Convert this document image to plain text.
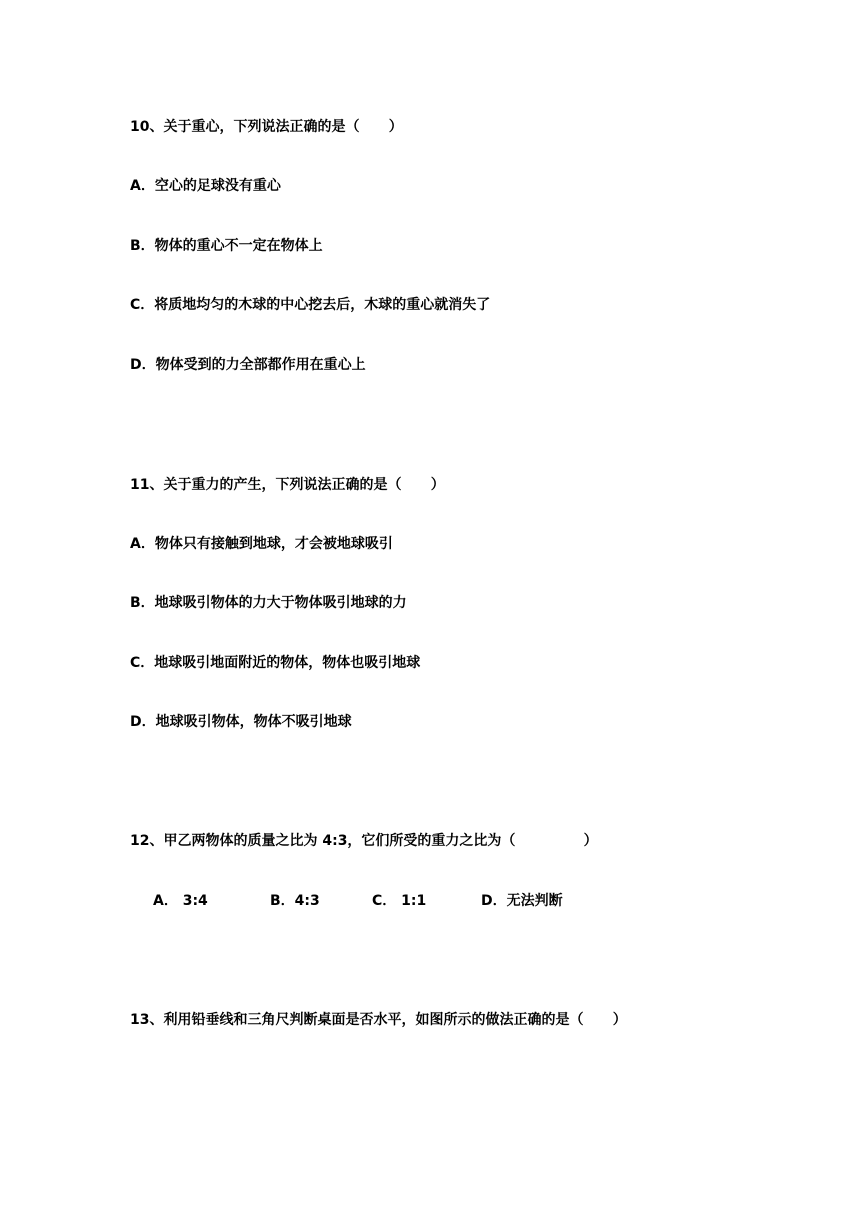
10、关于重心，下列说法正确的是（      ）
A．空心的足球没有重心
B．物体的重心不一定在物体上
C．将质地均匀的木球的中心挖去后，木球的重心就消失了
D．物体受到的力全部都作用在重心上
11、关于重力的产生，下列说法正确的是（      ）
A．物体只有接触到地球，才会被地球吸引
B．地球吸引物体的力大于物体吸引地球的力
C．地球吸引地面附近的物体，物体也吸引地球
D．地球吸引物体，物体不吸引地球
12、甲乙两物体的质量之比为 4:3，它们所受的重力之比为（              ）
A． 3:4	B．4:3	C． 1:1	D．无法判断
13、利用铅垂线和三角尺判断桌面是否水平，如图所示的做法正确的是（      ）
